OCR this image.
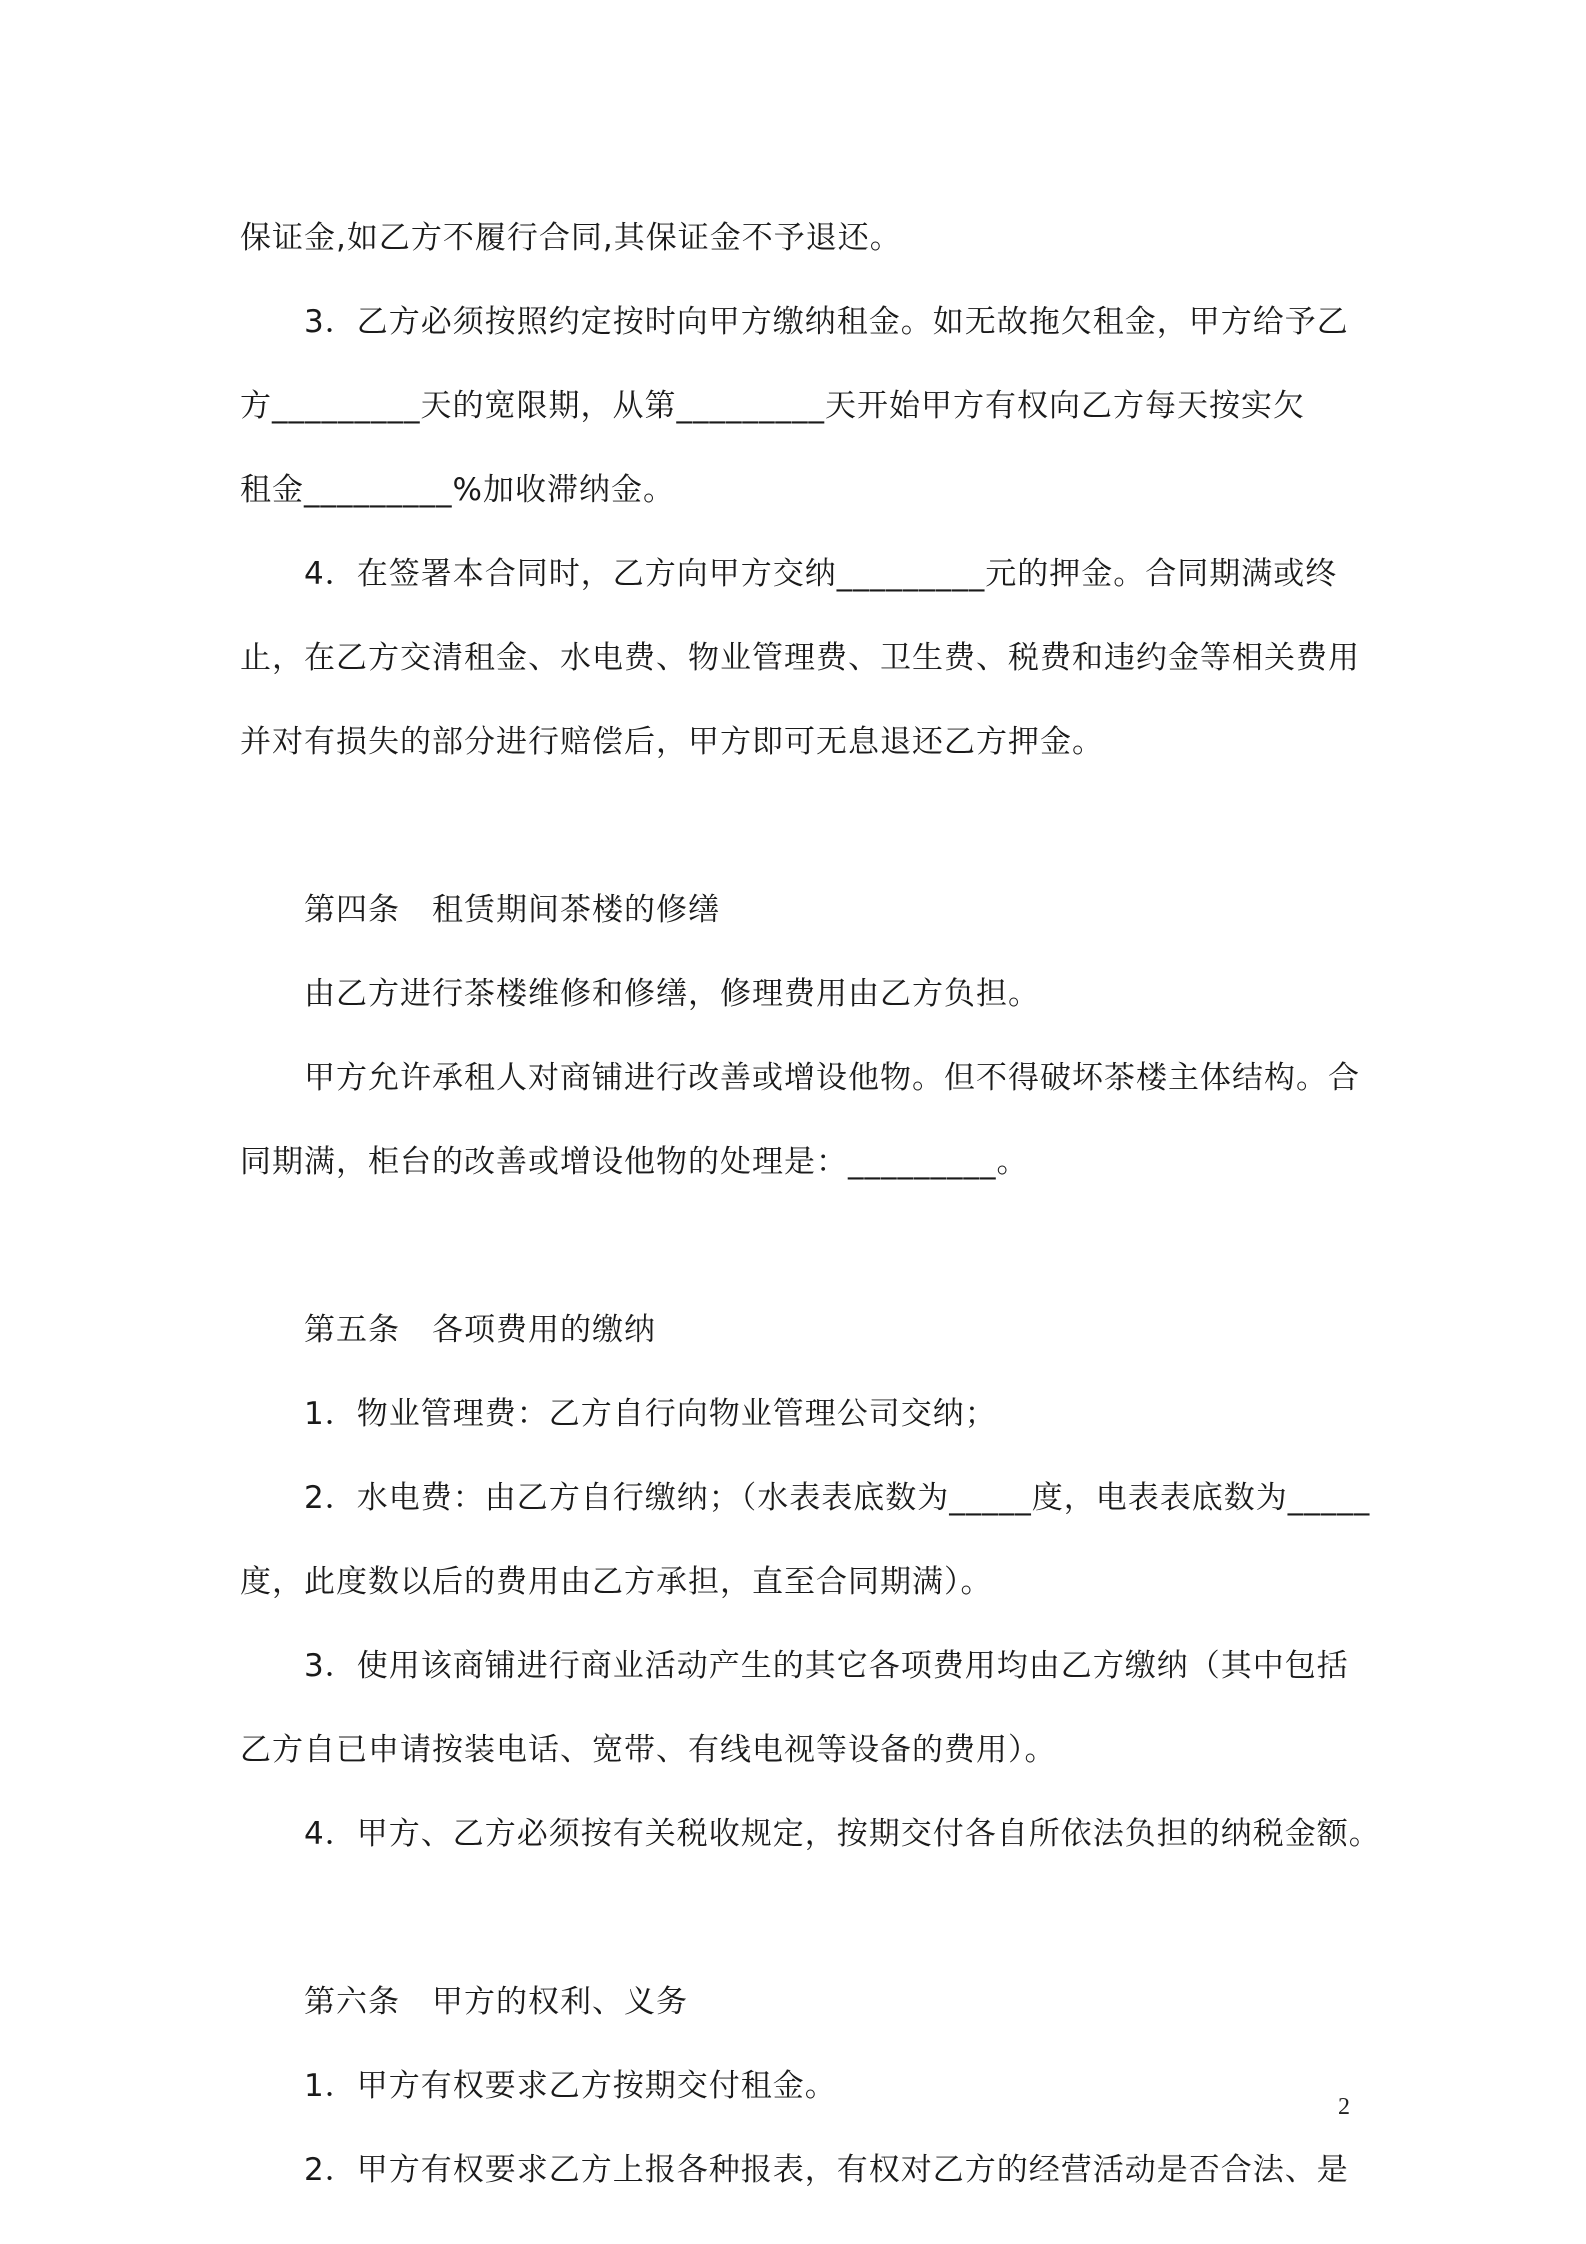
保证金,如乙方不履行合同,其保证金不予退还。
3．乙方必须按照约定按时向甲方缴纳租金。如无故拖欠租金，甲方给予乙
方_________天的宽限期，从第_________天开始甲方有权向乙方每天按实欠
租金_________%加收滞纳金。
4．在签署本合同时，乙方向甲方交纳_________元的押金。合同期满或终
止，在乙方交清租金、水电费、物业管理费、卫生费、税费和违约金等相关费用
并对有损失的部分进行赔偿后，甲方即可无息退还乙方押金。
第四条　租赁期间茶楼的修缮
由乙方进行茶楼维修和修缮，修理费用由乙方负担。
甲方允许承租人对商铺进行改善或增设他物。但不得破坏茶楼主体结构。合
同期满，柜台的改善或增设他物的处理是：_________。
第五条　各项费用的缴纳
1．物业管理费：乙方自行向物业管理公司交纳；
2．水电费：由乙方自行缴纳；（水表表底数为_____度，电表表底数为_____
度，此度数以后的费用由乙方承担，直至合同期满）。
3．使用该商铺进行商业活动产生的其它各项费用均由乙方缴纳（其中包括
乙方自已申请按装电话、宽带、有线电视等设备的费用）。
4．甲方、乙方必须按有关税收规定，按期交付各自所依法负担的纳税金额。
第六条　甲方的权利、义务
1．甲方有权要求乙方按期交付租金。
2．甲方有权要求乙方上报各种报表，有权对乙方的经营活动是否合法、是
2
